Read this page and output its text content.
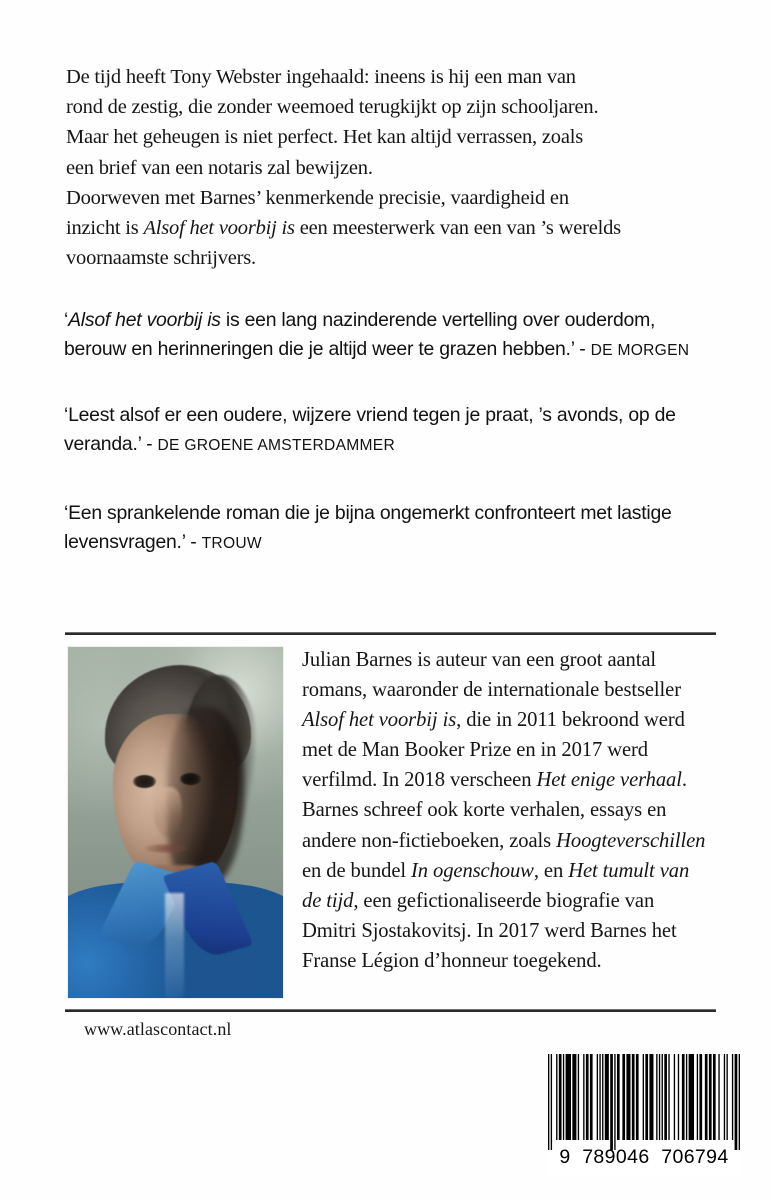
De tijd heeft Tony Webster ingehaald: ineens is hij een man van

rond de zestig, die zonder weemoed terugkijkt op zijn schooljaren.

Maar het geheugen is niet perfect. Het kan altijd verrassen, zoals

een brief van een notaris zal bewijzen.

Doorweven met Barnes’ kenmerkende precisie, vaardigheid en

inzicht is Alsof het voorbij is een meesterwerk van een van ’s werelds

voornaamste schrijvers.

‘Alsof het voorbij is is een lang nazinderende vertelling over ouderdom, berouw en herinneringen die je altijd weer te grazen hebben.’ - DE MORGEN
‘Leest alsof er een oudere, wijzere vriend tegen je praat, ’s avonds, op de veranda.’ - DE GROENE AMSTERDAMMER
‘Een sprankelende roman die je bijna ongemerkt confronteert met lastige levensvragen.’ - TROUW

Julian Barnes is auteur van een groot aantal romans, waaronder de internationale bestseller Alsof het voorbij is, die in 2011 bekroond werd met de Man Booker Prize en in 2017 werd verfilmd. In 2018 verscheen Het enige verhaal. Barnes schreef ook korte verhalen, essays en andere non-fictieboeken, zoals Hoogteverschillen en de bundel In ogenschouw, en Het tumult van de tijd, een gefictionaliseerde biografie van Dmitri Sjostakovitsj. In 2017 werd Barnes het Franse Légion d’honneur toegekend.

www.atlascontact.nl
9  789046  706794
